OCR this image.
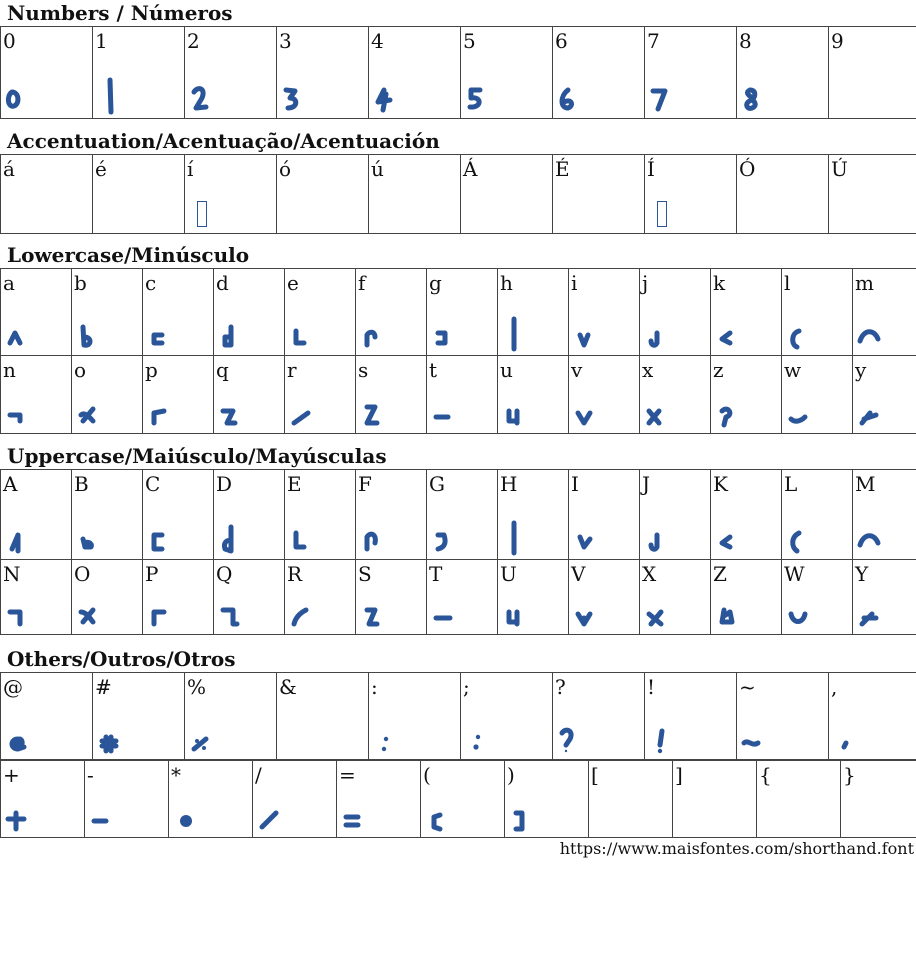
Numbers / Números
0	1	2	3	4	5	6	7	8	9
Accentuation/Acentuação/Acentuación
á	é	í	ó	ú	Á	É	Í	Ó	Ú
Lowercase/Minúsculo
a	b	c	d	e	f	g	h	i	j	k	l	m

n	o	p	q	r	s	t	u	v	x	z	w	y
Uppercase/Maiúsculo/Mayúsculas
A	B	C	D	E	F	G	H	I	J	K	L	M

N	O	P	Q	R	S	T	U	V	X	Z	W	Y
Others/Outros/Otros
@	#	%	&	:	;	?	!	~	,
+	-	*	/	=	(	)	[	]	{	}
https://www.maisfontes.com/shorthand.font
